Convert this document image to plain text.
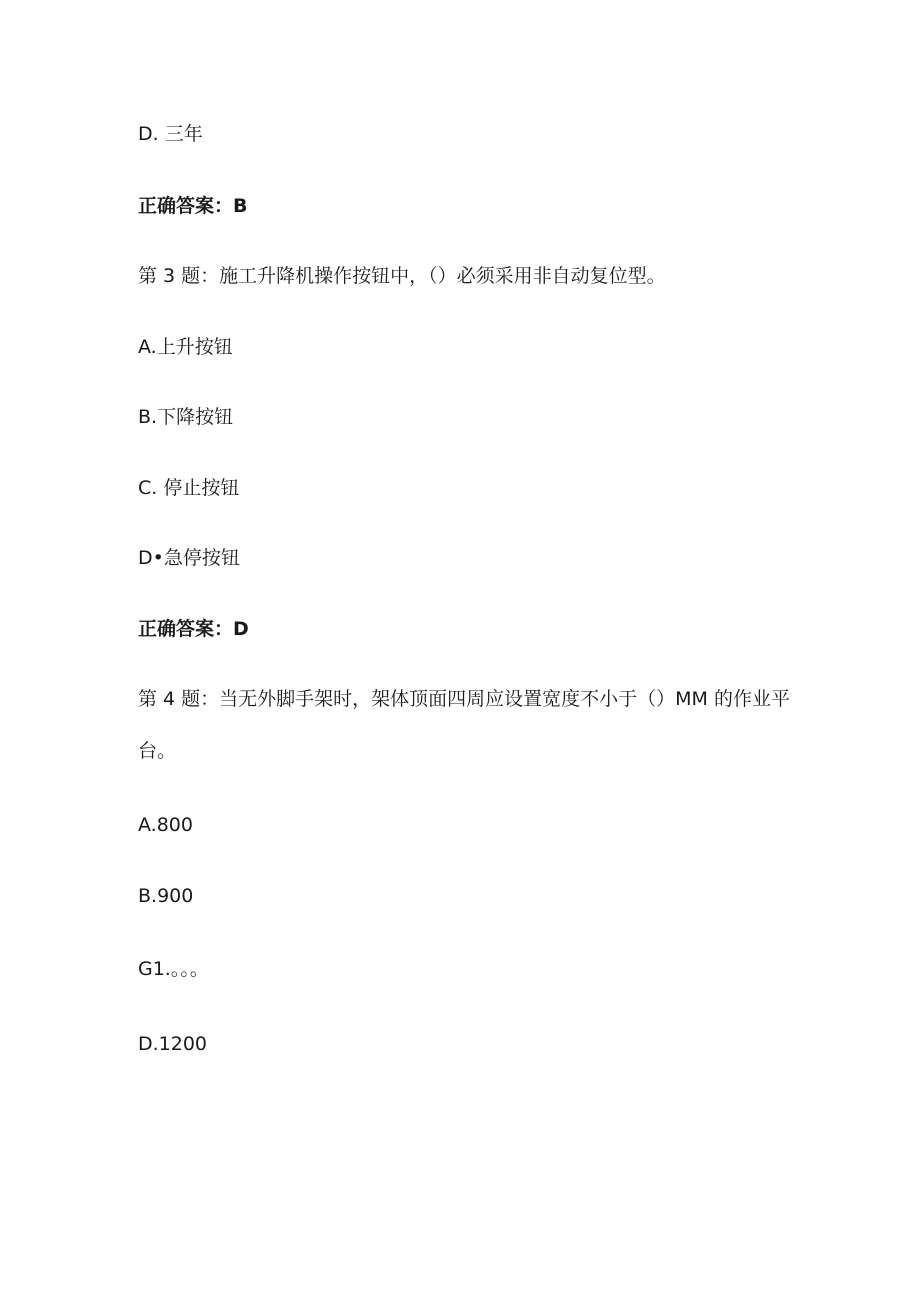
D. 三年
正确答案：B
第 3 题：施工升降机操作按钮中，（）必须采用非自动复位型。
A.上升按钮
B.下降按钮
C. 停止按钮
D•急停按钮
正确答案：D
第 4 题：当无外脚手架时，架体顶面四周应设置宽度不小于（）MM 的作业平
台。
A.800
B.900
G1.。。。
D.1200
